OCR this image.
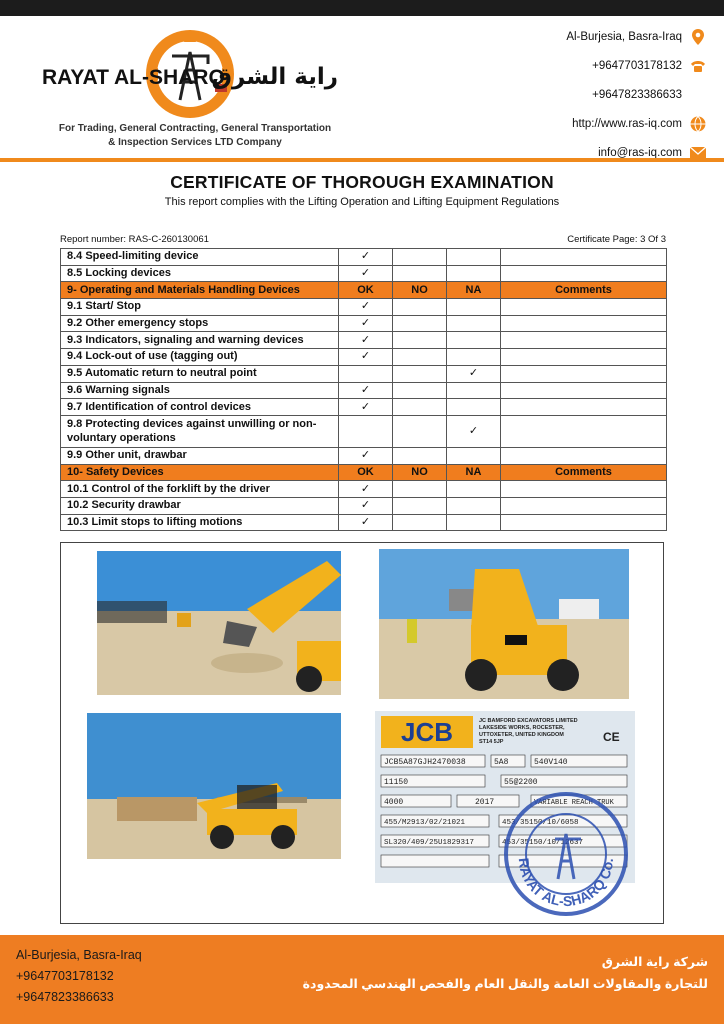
RAYAT AL-SHARQ
راية الشرق
For Trading, General Contracting, General Transportation
& Inspection Services LTD Company
Al-Burjesia, Basra-Iraq
+9647703178132
+9647823386633
http://www.ras-iq.com
info@ras-iq.com
CERTIFICATE OF THOROUGH EXAMINATION
This report complies with the Lifting Operation and Lifting Equipment Regulations
Report number: RAS-C-260130061	Certificate Page: 3 Of 3
8.4 Speed-limiting device	✓			
8.5 Locking devices	✓			
9- Operating and Materials Handling Devices	OK	NO	NA	Comments
9.1 Start/ Stop	✓			
9.2 Other emergency stops	✓			
9.3 Indicators, signaling and warning devices	✓			
9.4 Lock-out of use (tagging out)	✓			
9.5 Automatic return to neutral point			✓	
9.6 Warning signals	✓			
9.7 Identification of control devices	✓			
9.8 Protecting devices against unwilling or non-voluntary operations			✓	
9.9 Other unit, drawbar	✓			
10- Safety Devices	OK	NO	NA	Comments
10.1 Control of the forklift by the driver	✓			
10.2 Security drawbar	✓			
10.3 Limit stops to lifting motions	✓			
JCB	JC BAMFORD EXCAVATORS LIMITED
LAKESIDE WORKS, ROCESTER,
UTTOXETER, UNITED KINGDOM
ST14 5JP	CE
JCB5A87GJH2470038	5A8	540V140
11150	55@2200
4000	2017	VARIABLE REACH TRUK
455/M2913/02/21021	453/35150/10/6058
SL320/409/25U1829317	453/35150/10/12637
RAYAT AL-SHARQ Co.
Al-Burjesia, Basra-Iraq
+9647703178132
+9647823386633
شركة راية الشرق
للتجارة والمقاولات العامة والنقل العام والفحص الهندسي المحدودة
